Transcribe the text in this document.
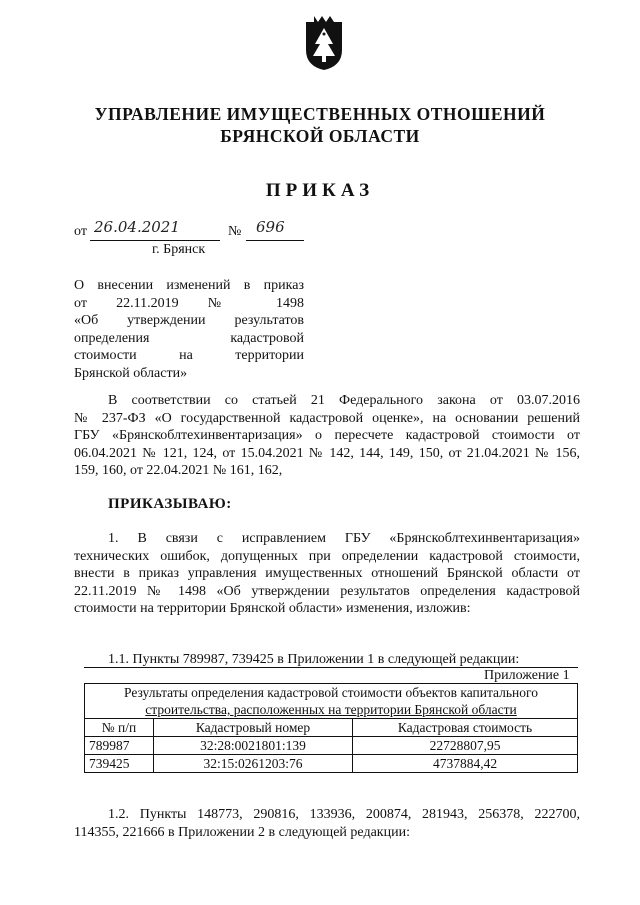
УПРАВЛЕНИЕ ИМУЩЕСТВЕННЫХ ОТНОШЕНИЙ
БРЯНСКОЙ ОБЛАСТИ
ПРИКАЗ
от 26.04.2021	№ 696
г. Брянск
О внесении изменений в приказ
от 22.11.2019 № 1498
«Об утверждении результатов
определения кадастровой
стоимости на территории
Брянской области»
В соответствии со статьей 21 Федерального закона от 03.07.2016
№ 237-ФЗ «О государственной кадастровой оценке», на основании решений
ГБУ «Брянскоблтехинвентаризация» о пересчете кадастровой стоимости от
06.04.2021 № 121, 124, от 15.04.2021 № 142, 144, 149, 150, от 21.04.2021 № 156,
159, 160, от 22.04.2021 № 161, 162,
ПРИКАЗЫВАЮ:
1. В связи с исправлением ГБУ «Брянскоблтехинвентаризация»
технических ошибок, допущенных при определении кадастровой стоимости,
внести в приказ управления имущественных отношений Брянской области от
22.11.2019 № 1498 «Об утверждении результатов определения кадастровой
стоимости на территории Брянской области» изменения, изложив:
1.1. Пункты 789987, 739425 в Приложении 1 в следующей редакции:
Приложение 1
Результаты определения кадастровой стоимости объектов капитального
строительства, расположенных на территории Брянской области		

№ п/п	Кадастровый номер	Кадастровая стоимость
789987	32:28:0021801:139	22728807,95
739425	32:15:0261203:76	4737884,42
1.2. Пункты 148773, 290816, 133936, 200874, 281943, 256378, 222700,
114355, 221666 в Приложении 2 в следующей редакции:
